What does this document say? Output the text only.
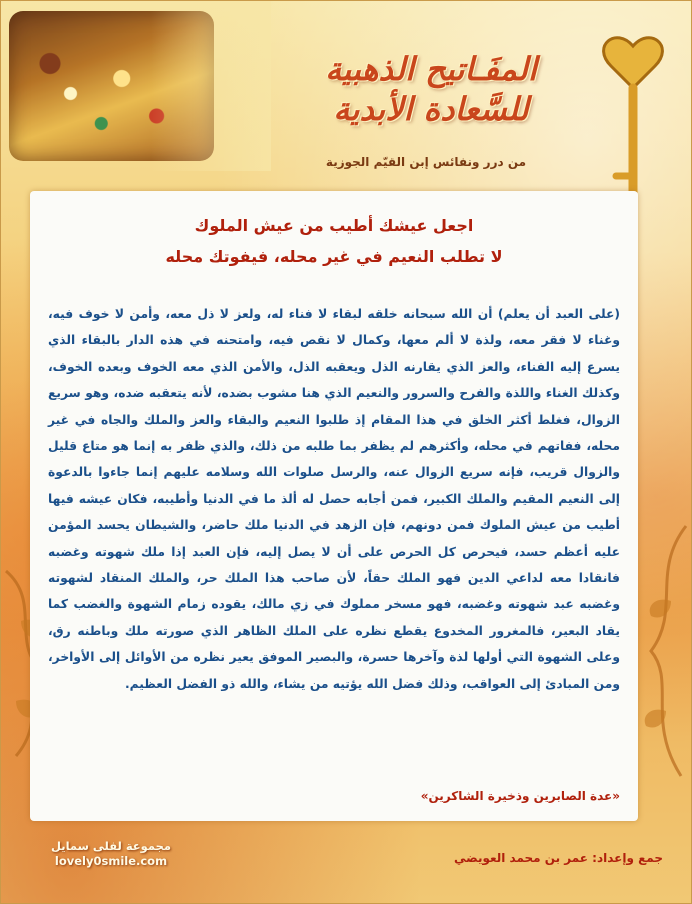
المفَـاتيح الذهبية
للسَّعادة الأبدية
من درر ونفائس إبن القيّم الجوزية
اجعل عيشك أطيب من عيش الملوك
لا تطلب النعيم في غير محله، فيفوتك محله

(على العبد أن يعلم) أن الله سبحانه خلقه لبقاء لا فناء له، ولعز لا ذل معه، وأمن لا خوف فيه، وغناء لا فقر معه، ولذة لا ألم معها، وكمال لا نقص فيه، وامتحنه في هذه الدار بالبقاء الذي يسرع إليه الفناء، والعز الذي يقارنه الذل ويعقبه الذل، والأمن الذي معه الخوف وبعده الخوف، وكذلك الغناء واللذة والفرح والسرور والنعيم الذي هنا مشوب بضده، لأنه يتعقبه ضده، وهو سريع الزوال، فغلط أكثر الخلق في هذا المقام إذ طلبوا النعيم والبقاء والعز والملك والجاه في غير محله، ففاتهم في محله، وأكثرهم لم يظفر بما طلبه من ذلك، والذي ظفر به إنما هو متاع قليل والزوال قريب، فإنه سريع الزوال عنه، والرسل صلوات الله وسلامه عليهم إنما جاءوا بالدعوة إلى النعيم المقيم والملك الكبير، فمن أجابه حصل له ألذ ما في الدنيا وأطيبه، فكان عيشه فيها أطيب من عيش الملوك فمن دونهم، فإن الزهد في الدنيا ملك حاضر، والشيطان يحسد المؤمن عليه أعظم حسد، فيحرص كل الحرص على أن لا يصل إليه، فإن العبد إذا ملك شهوته وغضبه فانقادا معه لداعي الدين فهو الملك حقاً، لأن صاحب هذا الملك حر، والملك المنقاد لشهوته وغضبه عبد شهوته وغضبه، فهو مسخر مملوك في زي مالك، يقوده زمام الشهوة والغضب كما يقاد البعير، فالمغرور المخدوع يقطع نظره على الملك الظاهر الذي صورته ملك وباطنه رق، وعلى الشهوة التي أولها لذة وآخرها حسرة، والبصير الموفق يعير نظره من الأوائل إلى الأواخر، ومن المبادئ إلى العواقب، وذلك فضل الله يؤتيه من يشاء، والله ذو الفضل العظيم.

«عدة الصابرين وذخيرة الشاكرين»
مجموعة لفلى سمايل
lovely0smile.com	جمع وإعداد: عمر بن محمد العويضي
